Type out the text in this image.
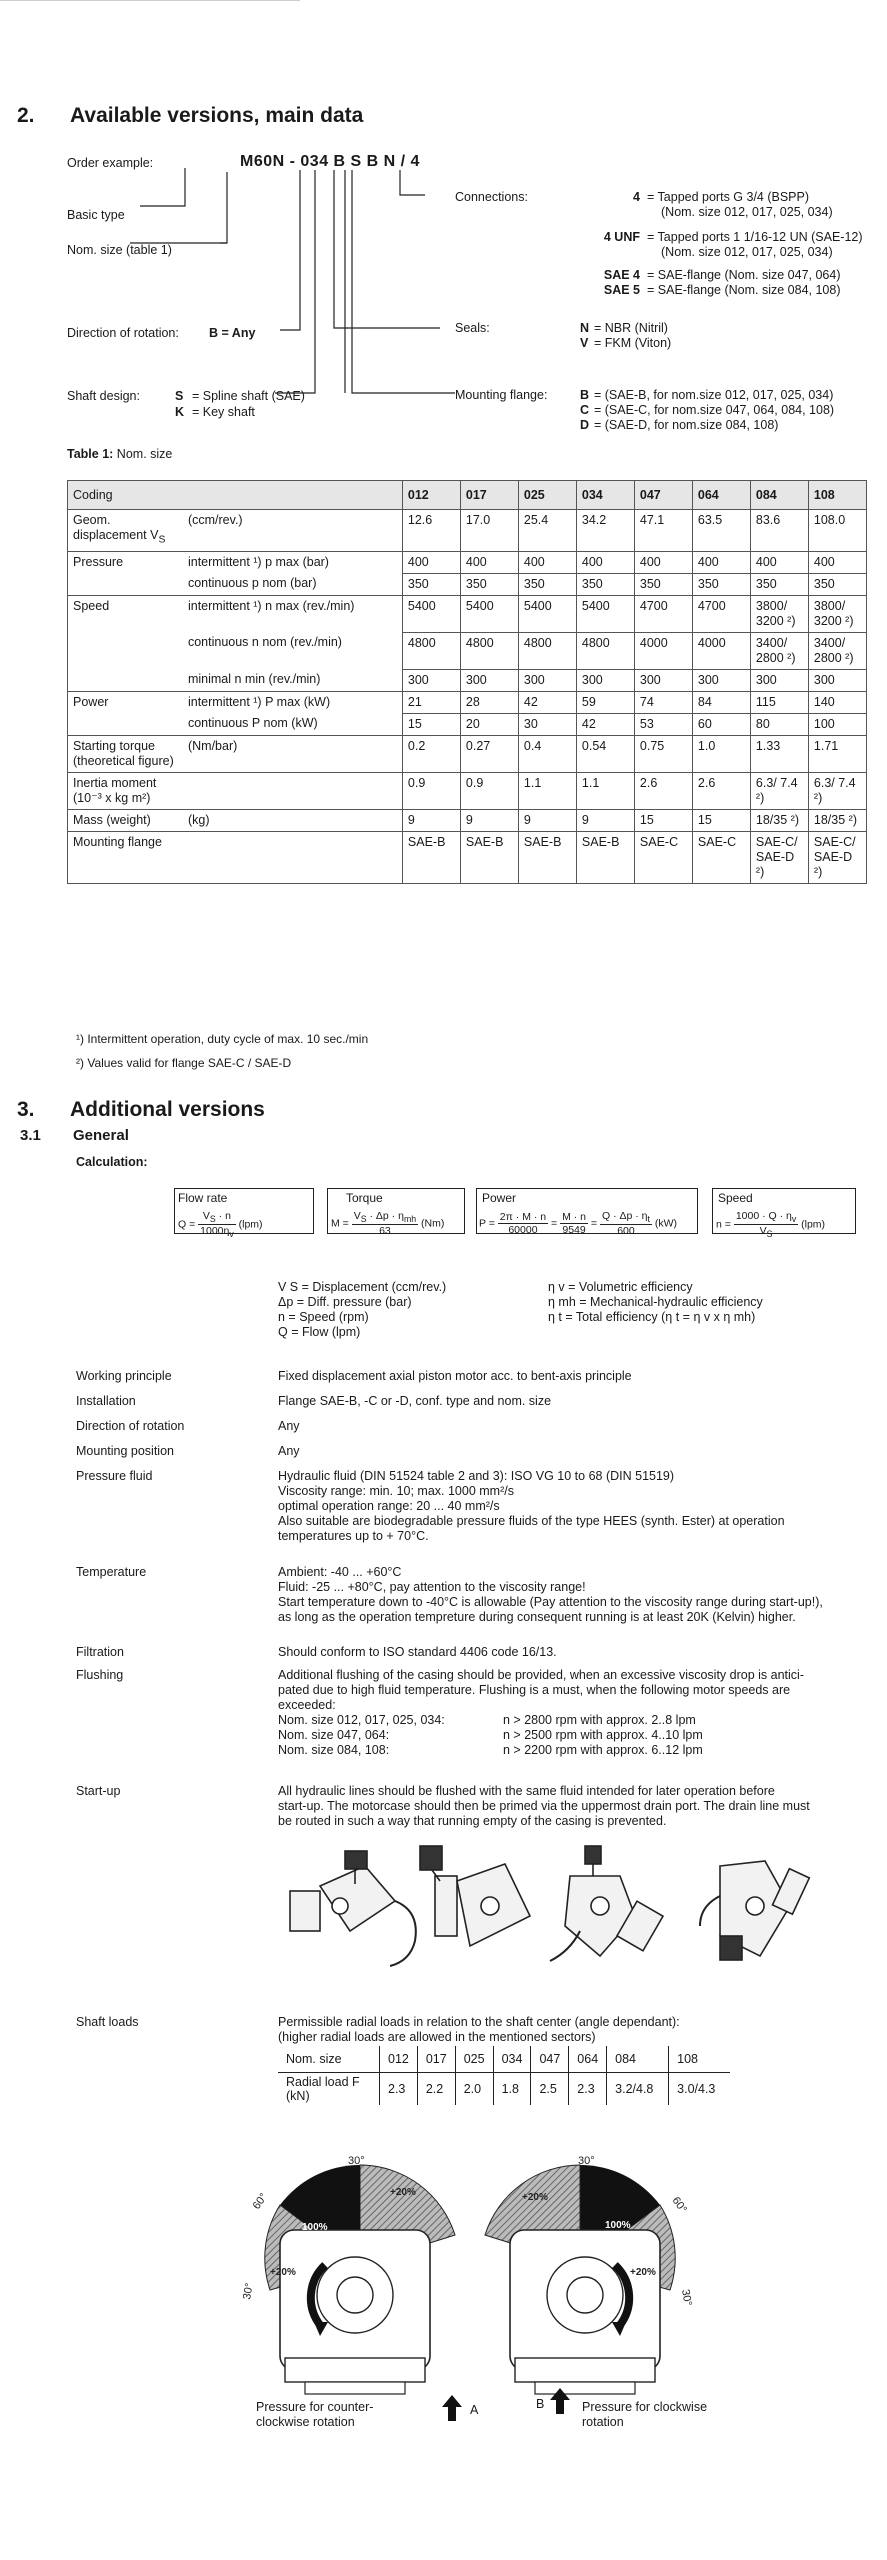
2. Available versions, main data
Order example:	M60N - 034 B S B N / 4
Basic type
Nom. size (table 1)
Direction of rotation: B = Any
Shaft design:	S = Spline shaft (SAE)
K = Key shaft
Connections:	4 = Tapped ports G 3/4 (BSPP)
(Nom. size 012, 017, 025, 034)
4 UNF = Tapped ports 1 1/16-12 UN (SAE-12)
(Nom. size 012, 017, 025, 034)
SAE 4 = SAE-flange (Nom. size 047, 064)
SAE 5 = SAE-flange (Nom. size 084, 108)
Seals:	N = NBR (Nitril)
V = FKM (Viton)
Mounting flange:	B = (SAE-B, for nom.size 012, 017, 025, 034)
C = (SAE-C, for nom.size 047, 064, 084, 108)
D = (SAE-D, for nom.size 084, 108)
Table 1: Nom. size
Coding		012	017	025	034	047	064	084	108
Geom. displacement $V_S$	(ccm/rev.)	12.6	17.0	25.4	34.2	47.1	63.5	83.6	108.0
Pressure	intermittent ¹) p max (bar)	400	400	400	400	400	400	400	400
	continuous p nom (bar)	350	350	350	350	350	350	350	350
Speed	intermittent ¹) n max (rev./min)	5400	5400	5400	5400	4700	4700	3800/ 3200 ²)	3800/ 3200 ²)
	continuous n nom (rev./min)	4800	4800	4800	4800	4000	4000	3400/ 2800 ²)	3400/ 2800 ²)
	minimal n min (rev./min)	300	300	300	300	300	300	300	300
Power	intermittent ¹) P max (kW)	21	28	42	59	74	84	115	140
	continuous P nom (kW)	15	20	30	42	53	60	80	100
Starting torque (theoretical figure)	(Nm/bar)	0.2	0.27	0.4	0.54	0.75	1.0	1.33	1.71
Inertia moment (10⁻³ x kg m²)		0.9	0.9	1.1	1.1	2.6	2.6	6.3/ 7.4 ²)	6.3/ 7.4 ²)
Mass (weight)	(kg)	9	9	9	9	15	15	18/35 ²)	18/35 ²)
Mounting flange		SAE-B	SAE-B	SAE-B	SAE-B	SAE-C	SAE-C	SAE-C/ SAE-D ²)	SAE-C/ SAE-D ²)
¹) Intermittent operation, duty cycle of max. 10 sec./min
²) Values valid for flange SAE-C / SAE-D
3. Additional versions
3.1 General
Calculation:
Flow rate
$Q = \frac{V_S \cdot n}{1000\eta_v} (lpm)$
Torque
$M = \frac{V_S \cdot \Delta p \cdot \eta_{mh}}{63} (Nm)$
Power
$P = \frac{2\pi \cdot M \cdot n}{60000} = \frac{M \cdot n}{9549} = \frac{Q \cdot \Delta p \cdot \eta_t}{600} (kW)$
Speed
$n = \frac{1000 \cdot Q \cdot \eta_v}{V_S} (lpm)$
V S = Displacement (ccm/rev.)
Δp = Diff. pressure (bar)
n = Speed (rpm)
Q = Flow (lpm)
η v = Volumetric efficiency
η mh = Mechanical-hydraulic efficiency
η t = Total efficiency (η t = η v x η mh)
Working principle	Fixed displacement axial piston motor acc. to bent-axis principle
Installation	Flange SAE-B, -C or -D, conf. type and nom. size
Direction of rotation	Any
Mounting position	Any
Pressure fluid	Hydraulic fluid (DIN 51524 table 2 and 3): ISO VG 10 to 68 (DIN 51519)
Viscosity range: min. 10; max. 1000 mm²/s
optimal operation range: 20 ... 40 mm²/s
Also suitable are biodegradable pressure fluids of the type HEES (synth. Ester) at operation
temperatures up to + 70°C.
Temperature	Ambient: -40 ... +60°C
Fluid: -25 ... +80°C, pay attention to the viscosity range!
Start temperature down to -40°C is allowable (Pay attention to the viscosity range during start-up!),
as long as the operation tempreture during consequent running is at least 20K (Kelvin) higher.
Filtration	Should conform to ISO standard 4406 code 16/13.
Flushing	Additional flushing of the casing should be provided, when an excessive viscosity drop is antici-
pated due to high fluid temperature. Flushing is a must, when the following motor speeds are
exceeded:
Nom. size 012, 017, 025, 034:	n > 2800 rpm with approx. 2..8 lpm
Nom. size 047, 064:	n > 2500 rpm with approx. 4..10 lpm
Nom. size 084, 108:	n > 2200 rpm with approx. 6..12 lpm
Start-up	All hydraulic lines should be flushed with the same fluid intended for later operation before
start-up. The motorcase should then be primed via the uppermost drain port. The drain line must
be routed in such a way that running empty of the casing is prevented.
Shaft loads	Permissible radial loads in relation to the shaft center (angle dependant):
(higher radial loads are allowed in the mentioned sectors)
Nom. size	012	017	025	034	047	064	084	108
Radial load F (kN)	2.3	2.2	2.0	1.8	2.5	2.3	3.2/4.8	3.0/4.3
30°
60°
30°
100%
+20%
+20%
30°
60°
30°
100%
+20%
+20%
A	B
Pressure for counter-
clockwise rotation
Pressure for clockwise
rotation
